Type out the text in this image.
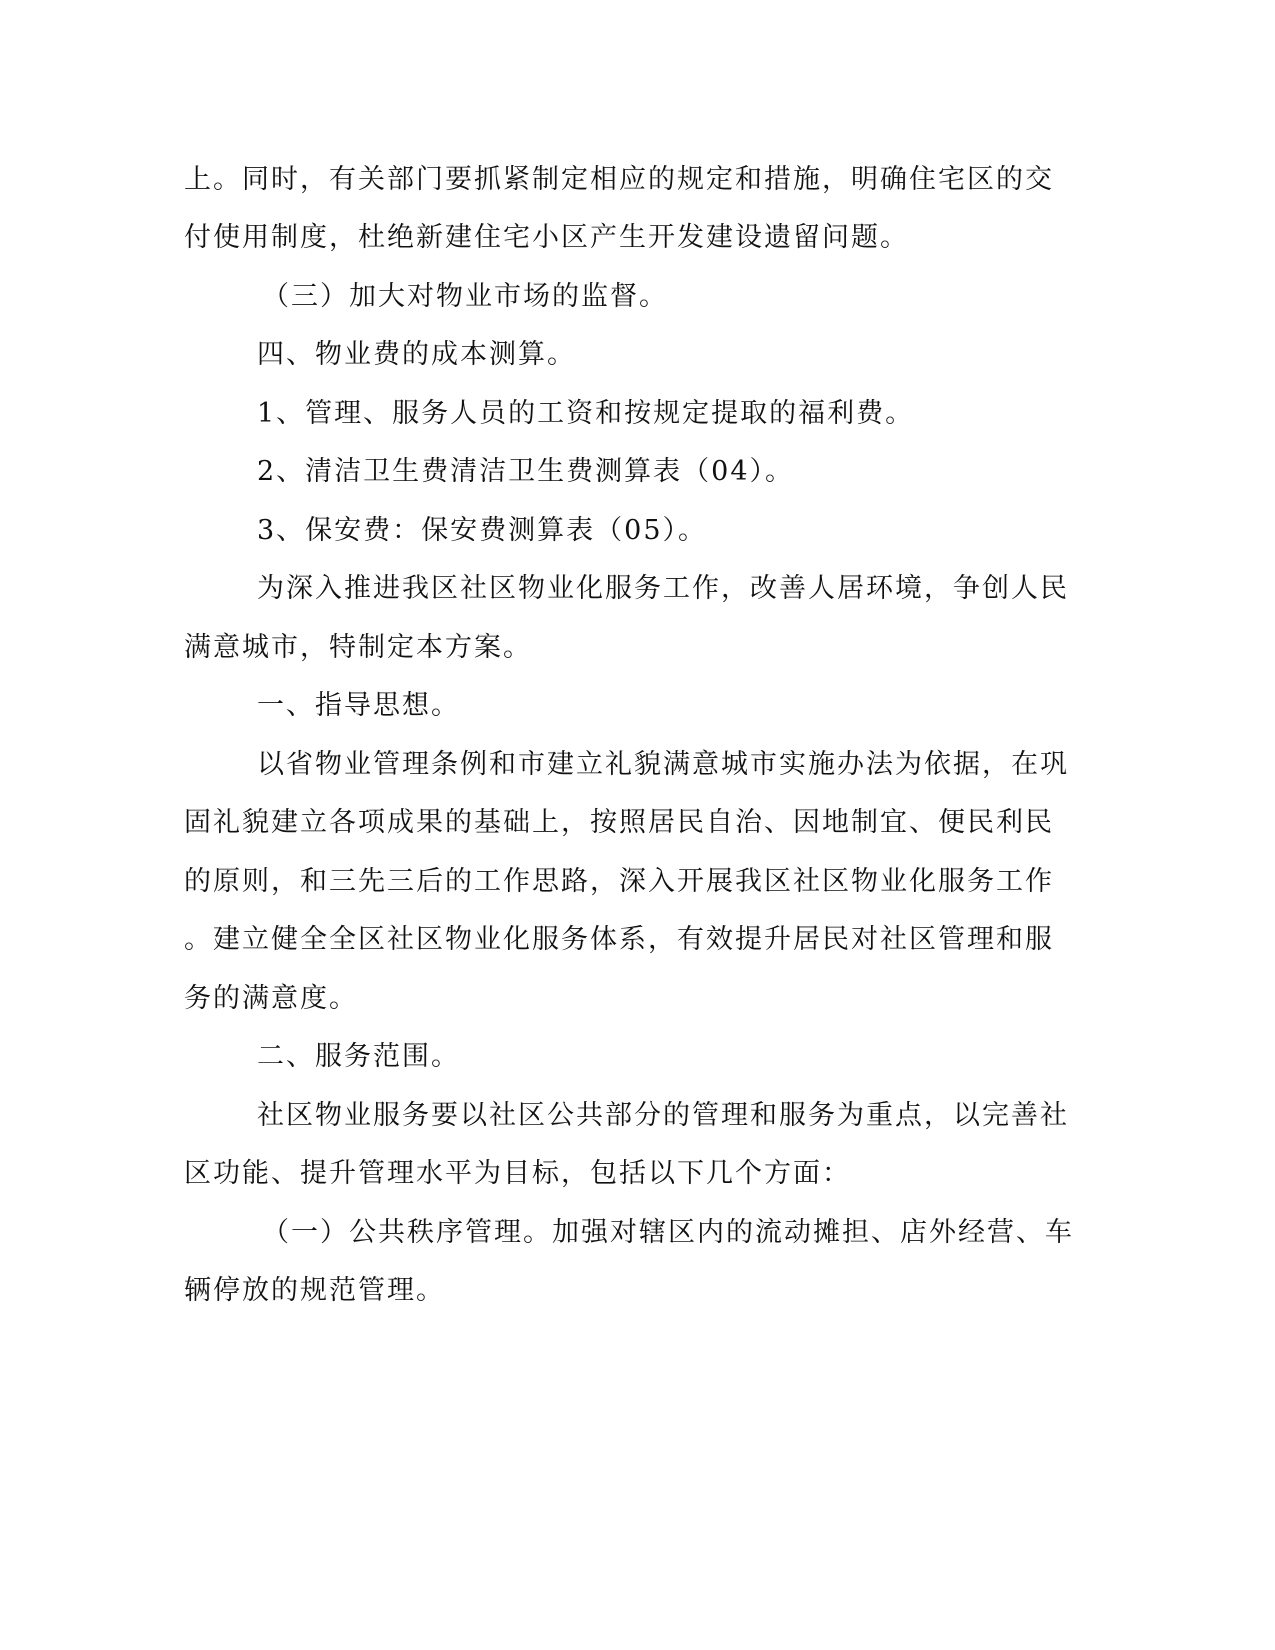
上。同时，有关部门要抓紧制定相应的规定和措施，明确住宅区的交
付使用制度，杜绝新建住宅小区产生开发建设遗留问题。
（三）加大对物业市场的监督。
四、物业费的成本测算。
1、管理、服务人员的工资和按规定提取的福利费。
2、清洁卫生费清洁卫生费测算表（04）。
3、保安费：保安费测算表（05）。
为深入推进我区社区物业化服务工作，改善人居环境，争创人民
满意城市，特制定本方案。
一、指导思想。
以省物业管理条例和市建立礼貌满意城市实施办法为依据，在巩
固礼貌建立各项成果的基础上，按照居民自治、因地制宜、便民利民
的原则，和三先三后的工作思路，深入开展我区社区物业化服务工作
。建立健全全区社区物业化服务体系，有效提升居民对社区管理和服
务的满意度。
二、服务范围。
社区物业服务要以社区公共部分的管理和服务为重点，以完善社
区功能、提升管理水平为目标，包括以下几个方面：
（一）公共秩序管理。加强对辖区内的流动摊担、店外经营、车
辆停放的规范管理。
